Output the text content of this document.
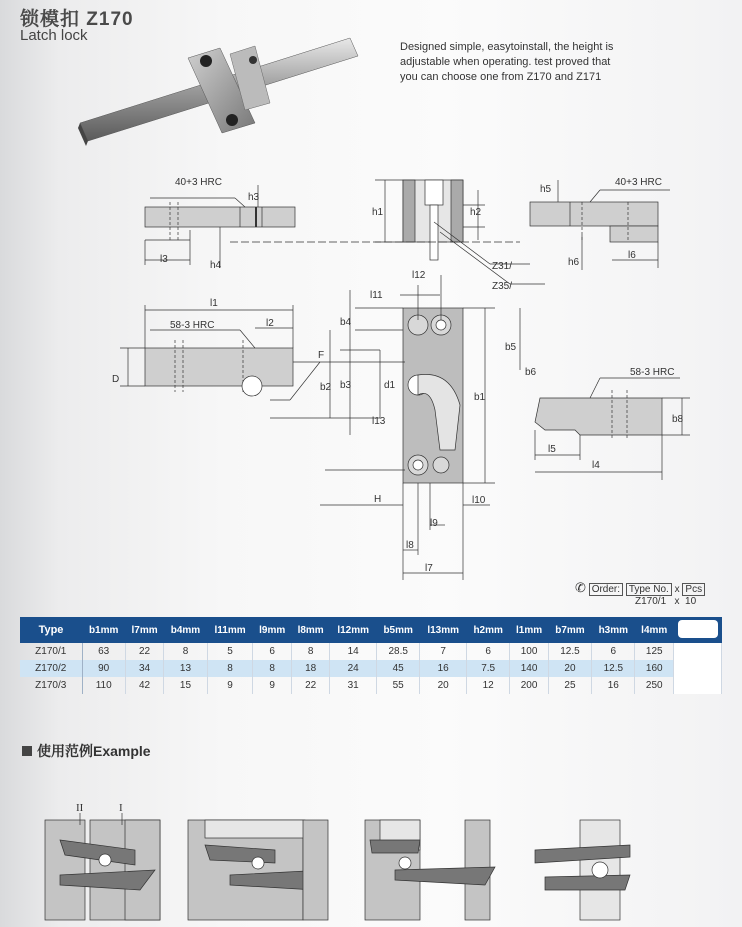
锁模扣 Z170
Latch lock
Designed simple, easytoinstall, the height is
adjustable when operating. test proved that
you can choose one from Z170 and Z171
40+3 HRC
h3
l3
h4
h1	h2
Z31/
Z35/
h5
40+3 HRC
h6
l6
l12
l11
l1
58-3 HRC	l2
F
D
b4
b5
b6
d1
b2 b3
b1
l13
58-3 HRC
b8
l5
l4
H	l10
l9
l8
l7
✆ Order: Type No. x Pcs
Z170/1 x 10
Type	b1mm	l7mm	b4mm	l11mm	l9mm	l8mm	l12mm	b5mm	l13mm	h2mm	l1mm	b7mm	h3mm	l4mm	
Z170/1	63	22	8	5	6	8	14	28.5	7	6	100	12.5	6	125	
Z170/2	90	34	13	8	8	18	24	45	16	7.5	140	20	12.5	160	
Z170/3	110	42	15	9	9	22	31	55	20	12	200	25	16	250	
使用范例Example
II	I
